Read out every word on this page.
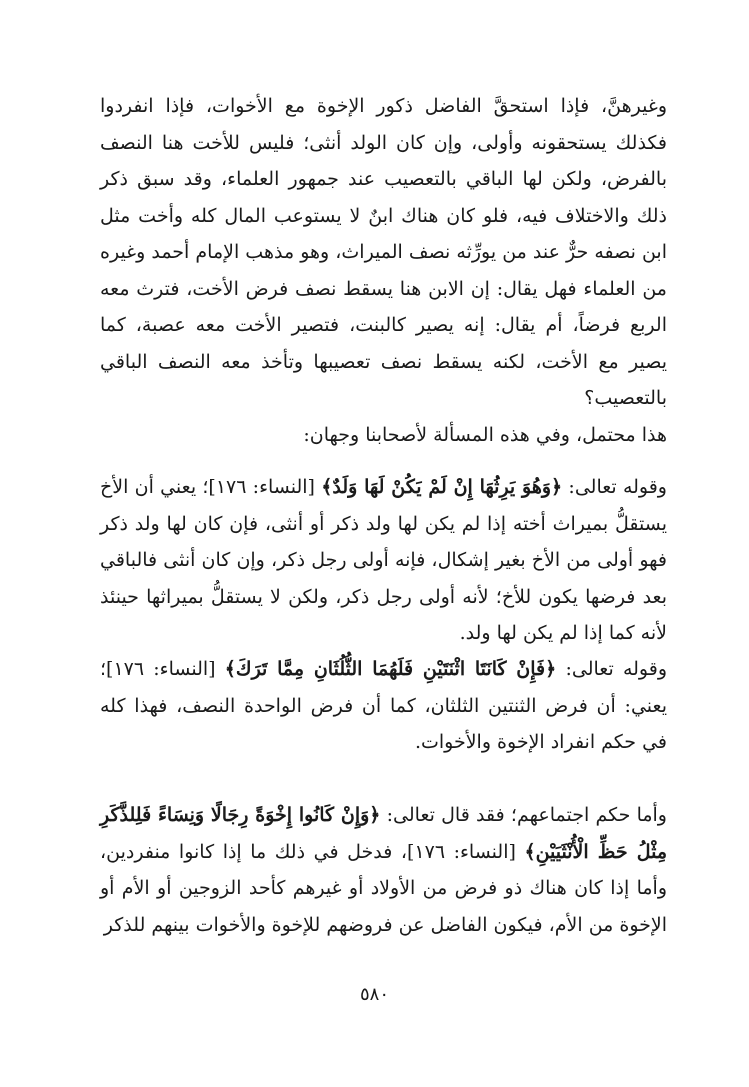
وغيرهنَّ، فإذا استحقَّ الفاضل ذكور الإخوة مع الأخوات، فإذا انفردوا فكذلك يستحقونه وأولى، وإن كان الولد أنثى؛ فليس للأخت هنا النصف بالفرض، ولكن لها الباقي بالتعصيب عند جمهور العلماء، وقد سبق ذكر ذلك والاختلاف فيه، فلو كان هناك ابنٌ لا يستوعب المال كله وأخت مثل ابن نصفه حرٌّ عند من يورِّثه نصف الميراث، وهو مذهب الإمام أحمد وغيره من العلماء فهل يقال: إن الابن هنا يسقط نصف فرض الأخت، فترث معه الربع فرضاً، أم يقال: إنه يصير كالبنت، فتصير الأخت معه عصبة، كما يصير مع الأخت، لكنه يسقط نصف تعصيبها وتأخذ معه النصف الباقي بالتعصيب؟

هذا محتمل، وفي هذه المسألة لأصحابنا وجهان:

وقوله تعالى: ﴿وَهُوَ يَرِثُهَا إِنْ لَمْ يَكُنْ لَهَا وَلَدٌ﴾ [النساء: ١٧٦]؛ يعني أن الأخ يستقلُّ بميراث أخته إذا لم يكن لها ولد ذكر أو أنثى، فإن كان لها ولد ذكر فهو أولى من الأخ بغير إشكال، فإنه أولى رجل ذكر، وإن كان أنثى فالباقي بعد فرضها يكون للأخ؛ لأنه أولى رجل ذكر، ولكن لا يستقلُّ بميراثها حينئذ لأنه كما إذا لم يكن لها ولد.

وقوله تعالى: ﴿فَإِنْ كَانَتَا اثْنَتَيْنِ فَلَهُمَا الثُّلُثَانِ مِمَّا تَرَكَ﴾ [النساء: ١٧٦]؛ يعني: أن فرض الثنتين الثلثان، كما أن فرض الواحدة النصف، فهذا كله في حكم انفراد الإخوة والأخوات.

وأما حكم اجتماعهم؛ فقد قال تعالى: ﴿وَإِنْ كَانُوا إِخْوَةً رِجَالًا وَنِسَاءً فَلِلذَّكَرِ مِثْلُ حَظِّ الْأُنْثَيَيْنِ﴾ [النساء: ١٧٦]، فدخل في ذلك ما إذا كانوا منفردين، وأما إذا كان هناك ذو فرض من الأولاد أو غيرهم كأحد الزوجين أو الأم أو الإخوة من الأم، فيكون الفاضل عن فروضهم للإخوة والأخوات بينهم للذكر

٥٨٠
